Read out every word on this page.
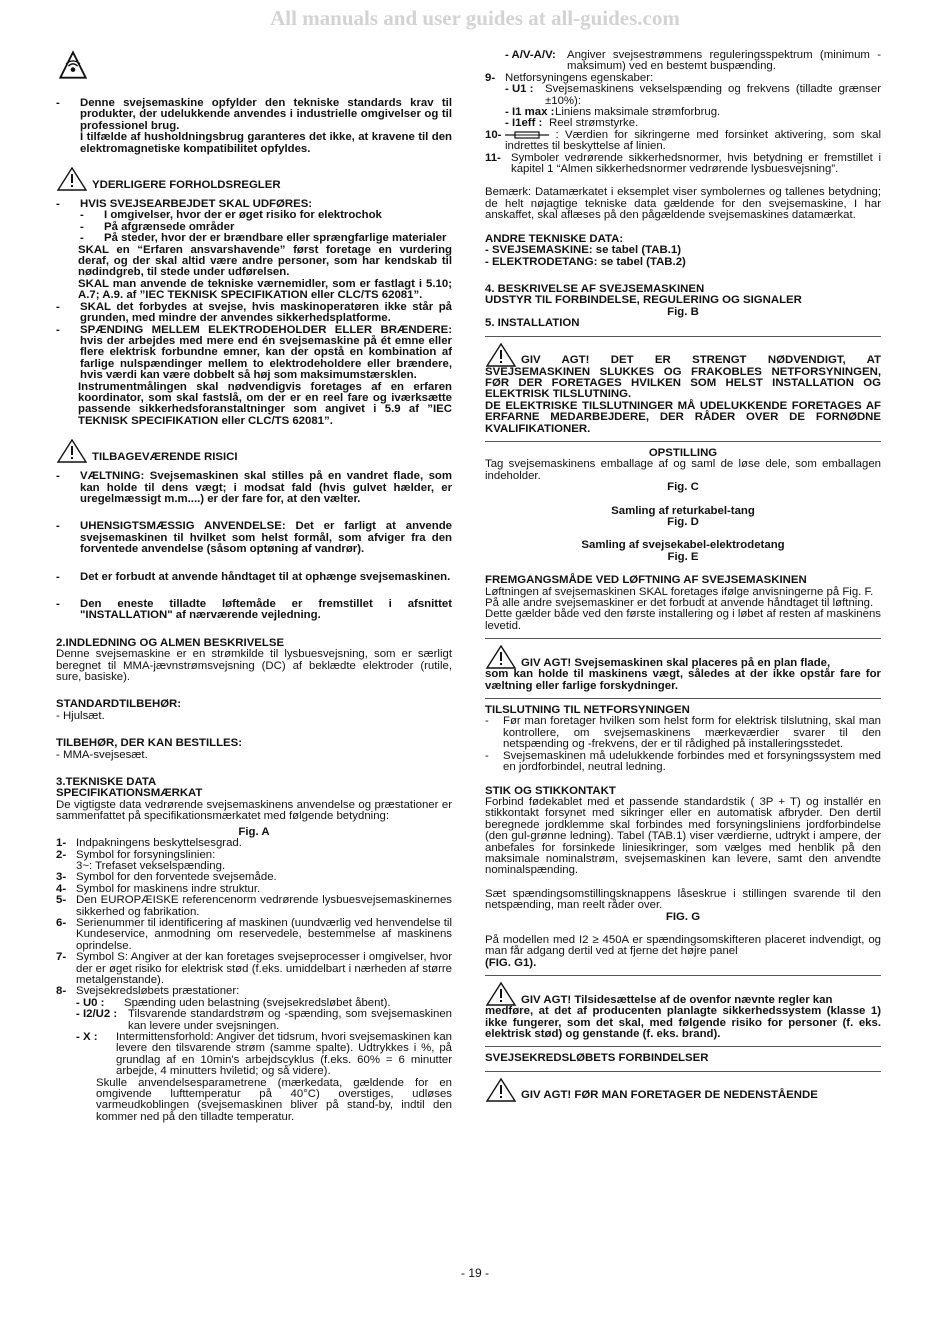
All manuals and user guides at all-guides.com
-	Denne svejsemaskine opfylder den tekniske standards krav til produkter, der udelukkende anvendes i industrielle omgivelser og til professionel brug.

I tilfælde af husholdningsbrug garanteres det ikke, at kravene til den elektromagnetiske kompatibilitet opfyldes.

YDERLIGERE FORHOLDSREGLER
-	HVIS SVEJSEARBEJDET SKAL UDFØRES:
-	I omgivelser, hvor der er øget risiko for elektrochok
-	På afgrænsede områder
-	På steder, hvor der er brændbare eller sprængfarlige materialer

SKAL en “Erfaren ansvarshavende” først foretage en vurdering deraf, og der skal altid være andre personer, som har kendskab til nødindgreb, til stede under udførelsen.

SKAL man anvende de tekniske værnemidler, som er fastlagt i 5.10; A.7; A.9. af ”IEC TEKNISK SPECIFIKATION eller CLC/TS 62081”.

-	SKAL det forbydes at svejse, hvis maskinoperatøren ikke står på grunden, med mindre der anvendes sikkerhedsplatforme.
-	SPÆNDING MELLEM ELEKTRODEHOLDER ELLER BRÆNDERE: hvis der arbejdes med mere end én svejsemaskine på ét emne eller flere elektrisk forbundne emner, kan der opstå en kombination af farlige nulspændinger mellem to elektrodeholdere eller brændere, hvis værdi kan være dobbelt så høj som maksimumstærsklen.

Instrumentmålingen skal nødvendigvis foretages af en erfaren koordinator, som skal fastslå, om der er en reel fare og iværksætte passende sikkerhedsforanstaltninger som angivet i 5.9 af ”IEC TEKNISK SPECIFIKATION eller CLC/TS 62081”.

TILBAGEVÆRENDE RISICI
-	VÆLTNING: Svejsemaskinen skal stilles på en vandret flade, som kan holde til dens vægt; i modsat fald (hvis gulvet hælder, er uregelmæssigt m.m....) er der fare for, at den vælter.
-	UHENSIGTSMÆSSIG ANVENDELSE: Det er farligt at anvende svejsemaskinen til hvilket som helst formål, som afviger fra den forventede anvendelse (såsom optøning af vandrør).
-	Det er forbudt at anvende håndtaget til at ophænge svejsemaskinen.
-	Den eneste tilladte løftemåde er fremstillet i afsnittet "INSTALLATION" af nærværende vejledning.

2.INDLEDNING OG ALMEN BESKRIVELSE

Denne svejsemaskine er en strømkilde til lysbuesvejsning, som er særligt beregnet til MMA-jævnstrømsvejsning (DC) af beklædte elektroder (rutile, sure, basiske).

STANDARDTILBEHØR:

- Hjulsæt.

TILBEHØR, DER KAN BESTILLES:

- MMA-svejsesæt.

3.TEKNISKE DATA

SPECIFIKATIONSMÆRKAT

De vigtigste data vedrørende svejsemaskinens anvendelse og præstationer er sammenfattet på specifikationsmærkatet med følgende betydning:

Fig. A

1- Indpakningens beskyttelsesgrad.
2- Symbol for forsyningslinien:
3~: Trefaset vekselspænding.
3- Symbol for den forventede svejsemåde.
4- Symbol for maskinens indre struktur.
5- Den EUROPÆISKE referencenorm vedrørende lysbuesvejsemaskinernes sikkerhed og fabrikation.
6- Serienummer til identificering af maskinen (uundværlig ved henvendelse til Kundeservice, anmodning om reservedele, bestemmelse af maskinens oprindelse.
7- Symbol S: Angiver at der kan foretages svejseprocesser i omgivelser, hvor der er øget risiko for elektrisk stød (f.eks. umiddelbart i nærheden af større metalgenstande).
8- Svejsekredsløbets præstationer:
- U0 :	Spænding uden belastning (svejsekredsløbet åbent).
- I2/U2 : Tilsvarende standardstrøm og -spænding, som svejsemaskinen kan levere under svejsningen.
- X :	Intermittensforhold: Angiver det tidsrum, hvori svejsemaskinen kan levere den tilsvarende strøm (samme spalte). Udtrykkes i %, på grundlag af en 10min's arbejdscyklus (f.eks. 60% = 6 minutter arbejde, 4 minutters hviletid; og så videre).

Skulle anvendelsesparametrene (mærkedata, gældende for en omgivende lufttemperatur på 40°C) overstiges, udløses varmeudkoblingen (svejsemaskinen bliver på stand-by, indtil den kommer ned på den tilladte temperatur.

- A/V-A/V: Angiver svejsestrømmens reguleringsspektrum (minimum - maksimum) ved en bestemt buspænding.
9- Netforsyningens egenskaber:
- U1 :	Svejsemaskinens vekselspænding og frekvens (tilladte grænser ±10%):
- I1 max : Liniens maksimale strømforbrug.
- I1eff : Reel strømstyrke.
10-	: Værdien for sikringerne med forsinket aktivering, som skal indrettes til beskyttelse af linien.
11- Symboler vedrørende sikkerhedsnormer, hvis betydning er fremstillet i kapitel 1 “Almen sikkerhedsnormer vedrørende lysbuesvejsning”.

Bemærk: Datamærkatet i eksemplet viser symbolernes og tallenes betydning; de helt nøjagtige tekniske data gældende for den svejsemaskine, I har anskaffet, skal aflæses på den pågældende svejsemaskines datamærkat.

ANDRE TEKNISKE DATA:

- SVEJSEMASKINE: se tabel (TAB.1)

- ELEKTRODETANG: se tabel (TAB.2)

4. BESKRIVELSE AF SVEJSEMASKINEN

UDSTYR TIL FORBINDELSE, REGULERING OG SIGNALER

Fig. B

5. INSTALLATION

GIV AGT! DET ER STRENGT NØDVENDIGT, AT

SVEJSEMASKINEN SLUKKES OG FRAKOBLES NETFORSYNINGEN, FØR DER FORETAGES HVILKEN SOM HELST INSTALLATION OG ELEKTRISK TILSLUTNING.

DE ELEKTRISKE TILSLUTNINGER MÅ UDELUKKENDE FORETAGES AF ERFARNE MEDARBEJDERE, DER RÅDER OVER DE FORNØDNE KVALIFIKATIONER.

OPSTILLING

Tag svejsemaskinens emballage af og saml de løse dele, som emballagen indeholder.

Fig. C

Samling af returkabel-tang

Fig. D

Samling af svejsekabel-elektrodetang

Fig. E

FREMGANGSMÅDE VED LØFTNING AF SVEJSEMASKINEN

Løftningen af svejsemaskinen SKAL foretages ifølge anvisningerne på Fig. F.

På alle andre svejsemaskiner er det forbudt at anvende håndtaget til løftning.

Dette gælder både ved den første installering og i løbet af resten af maskinens levetid.

GIV AGT! Svejsemaskinen skal placeres på en plan flade,

som kan holde til maskinens vægt, således at der ikke opstår fare for væltning eller farlige forskydninger.

TILSLUTNING TIL NETFORSYNINGEN

-	Før man foretager hvilken som helst form for elektrisk tilslutning, skal man kontrollere, om svejsemaskinens mærkeværdier svarer til den netspænding og -frekvens, der er til rådighed på installeringsstedet.
-	Svejsemaskinen må udelukkende forbindes med et forsyningssystem med en jordforbindel, neutral ledning.

STIK OG STIKKONTAKT

Forbind fødekablet med et passende standardstik ( 3P + T) og installér en stikkontakt forsynet med sikringer eller en automatisk afbryder. Den dertil beregnede jordklemme skal forbindes med forsyningsliniens jordforbindelse (den gul-grønne ledning). Tabel (TAB.1) viser værdierne, udtrykt i ampere, der anbefales for forsinkede liniesikringer, som vælges med henblik på den maksimale nominalstrøm, svejsemaskinen kan levere, samt den anvendte nominalspænding.

Sæt spændingsomstillingsknappens låseskrue i stillingen svarende til den netspænding, man reelt råder over.

FIG. G

På modellen med I2 ≥ 450A er spændingsomskifteren placeret indvendigt, og man får adgang dertil ved at fjerne det højre panel

(FIG. G1).

GIV AGT! Tilsidesættelse af de ovenfor nævnte regler kan

medføre, at det af producenten planlagte sikkerhedssystem (klasse 1) ikke fungerer, som det skal, med følgende risiko for personer (f. eks. elektrisk stød) og genstande (f. eks. brand).

SVEJSEKREDSLØBETS FORBINDELSER

GIV AGT! FØR MAN FORETAGER DE NEDENSTÅENDE
- 19 -
